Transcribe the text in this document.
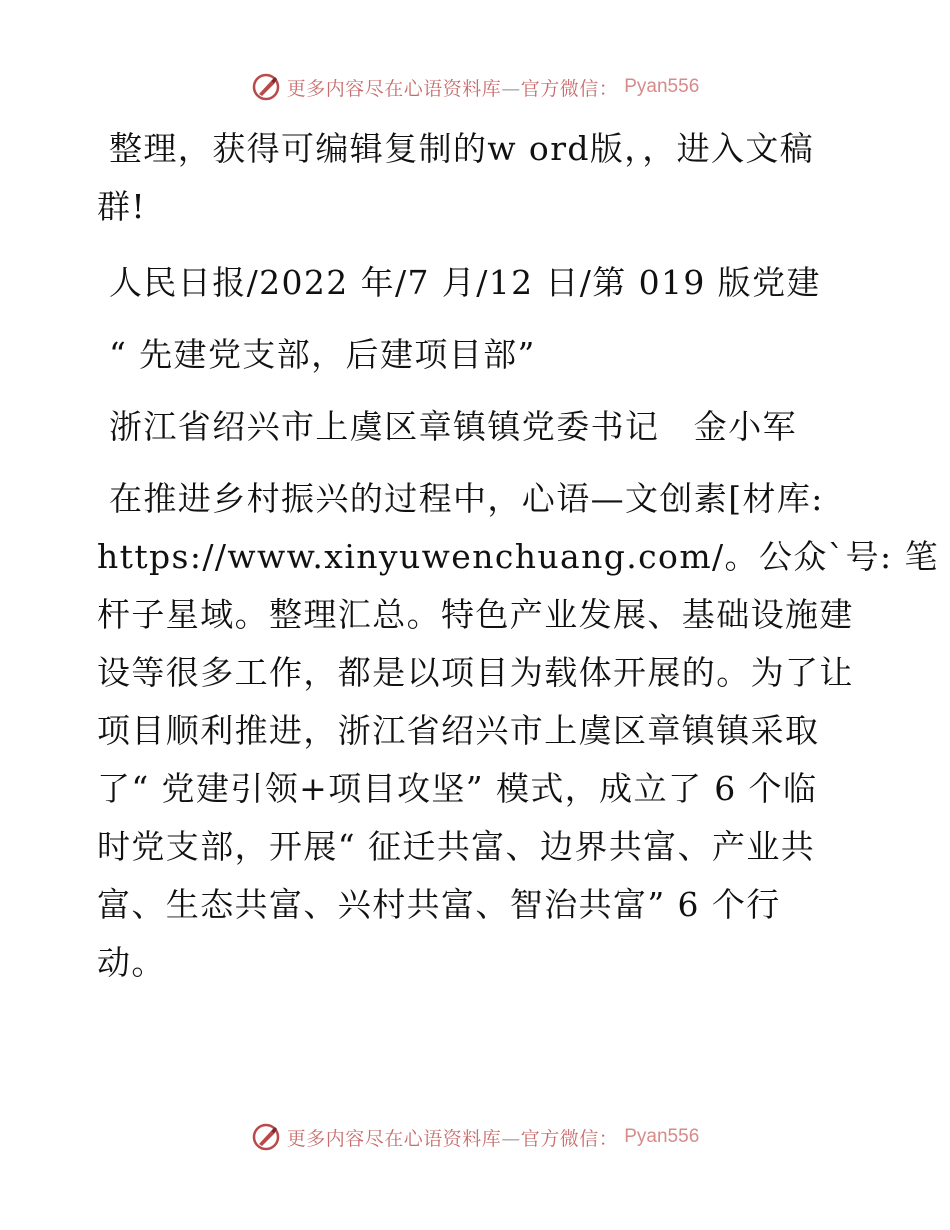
更多内容尽在心语资料库—官方微信： Pyan556

整理，获得可编辑复制的w ord版，，进入文稿

群!

人民日报/2022 年/7 月/12 日/第 019 版党建

“ 先建党支部，后建项目部”

浙江省绍兴市上虞区章镇镇党委书记　金小军

在推进乡村振兴的过程中，心语—文创素[材库:

https://www.xinyuwenchuang.com/。公众`号: 笔

杆子星域。整理汇总。特色产业发展、基础设施建

设等很多工作，都是以项目为载体开展的。为了让

项目顺利推进，浙江省绍兴市上虞区章镇镇采取

了“ 党建引领+项目攻坚” 模式，成立了 6 个临

时党支部，开展“ 征迁共富、边界共富、产业共

富、生态共富、兴村共富、智治共富” 6 个行

动。

更多内容尽在心语资料库—官方微信： Pyan556
